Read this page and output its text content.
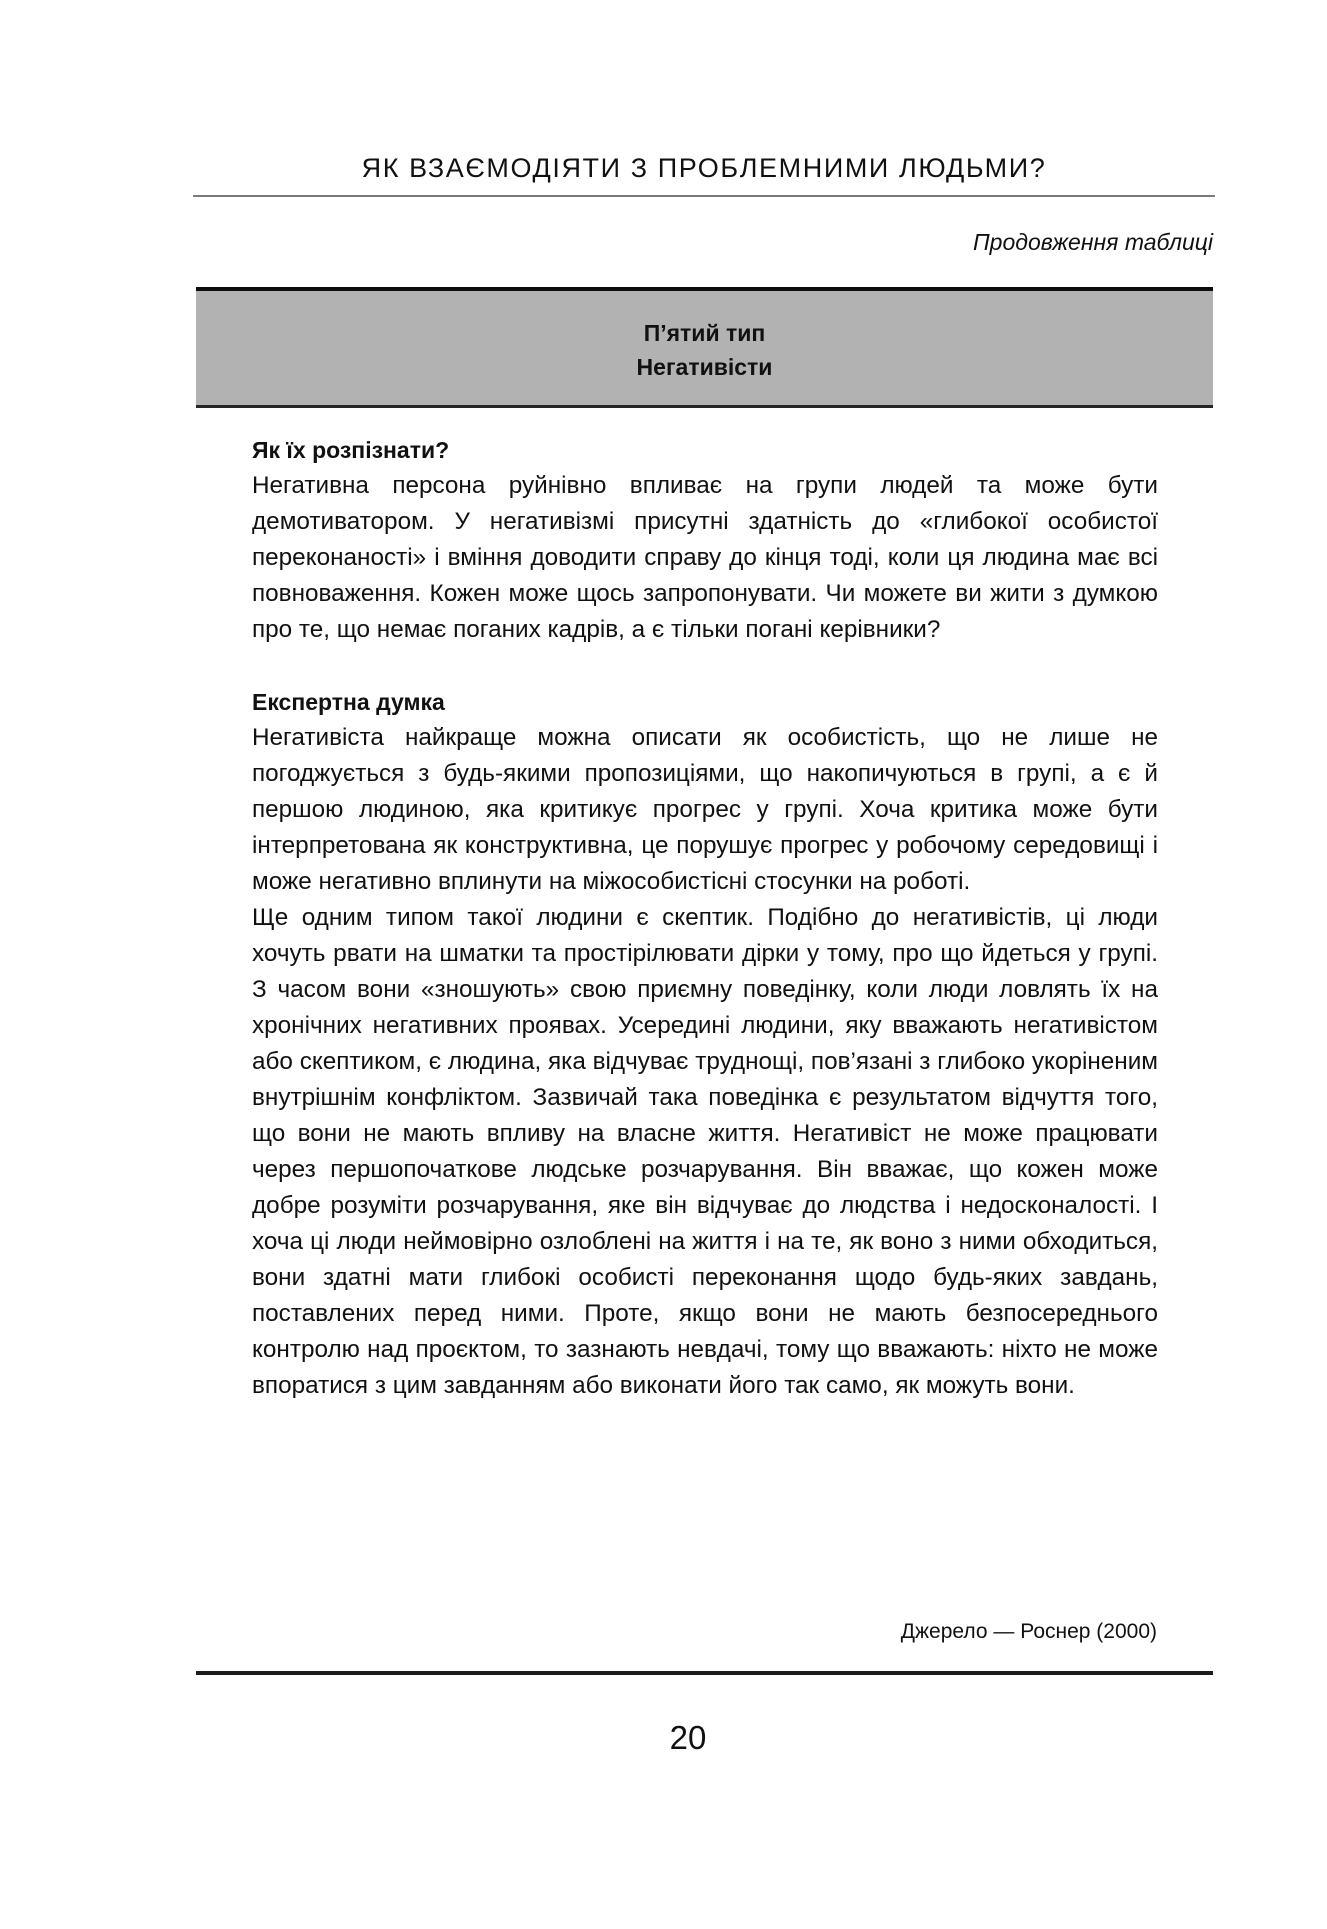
ЯК ВЗАЄМОДІЯТИ З ПРОБЛЕМНИМИ ЛЮДЬМИ?
Продовження таблиці
П’ятий тип
Негативісти
Як їх розпізнати?

Негативна персона руйнівно впливає на групи людей та може бути демотиватором. У негативізмі присутні здатність до «глибокої особистої переконаності» і вміння доводити справу до кінця тоді, коли ця людина має всі повноваження. Кожен може щось запропонувати. Чи можете ви жити з думкою про те, що немає поганих кадрів, а є тільки погані керівники?

Експертна думка

Негативіста найкраще можна описати як особистість, що не лише не погоджується з будь-якими пропозиціями, що накопичуються в групі, а є й першою людиною, яка критикує прогрес у групі. Хоча критика може бути інтерпретована як конструктивна, це порушує прогрес у робочому середовищі і може негативно вплинути на міжособистісні стосунки на роботі.

Ще одним типом такої людини є скептик. Подібно до негативістів, ці люди хочуть рвати на шматки та простірілювати дірки у тому, про що йдеться у групі. З часом вони «зношують» свою приємну поведінку, коли люди ловлять їх на хронічних негативних проявах. Усередині людини, яку вважають негативістом або скептиком, є людина, яка відчуває труднощі, пов’язані з глибоко укоріненим внутрішнім конфліктом. Зазвичай така поведінка є результатом відчуття того, що вони не мають впливу на власне життя. Негативіст не може працювати через першопочаткове людське розчарування. Він вважає, що кожен може добре розуміти розчарування, яке він відчуває до людства і недосконалості. І хоча ці люди неймовірно озлоблені на життя і на те, як воно з ними обходиться, вони здатні мати глибокі особисті переконання щодо будь-яких завдань, поставлених перед ними. Проте, якщо вони не мають безпосереднього контролю над проєктом, то зазнають невдачі, тому що вважають: ніхто не може впоратися з цим завданням або виконати його так само, як можуть вони.

Джерело — Роснер (2000)
20
